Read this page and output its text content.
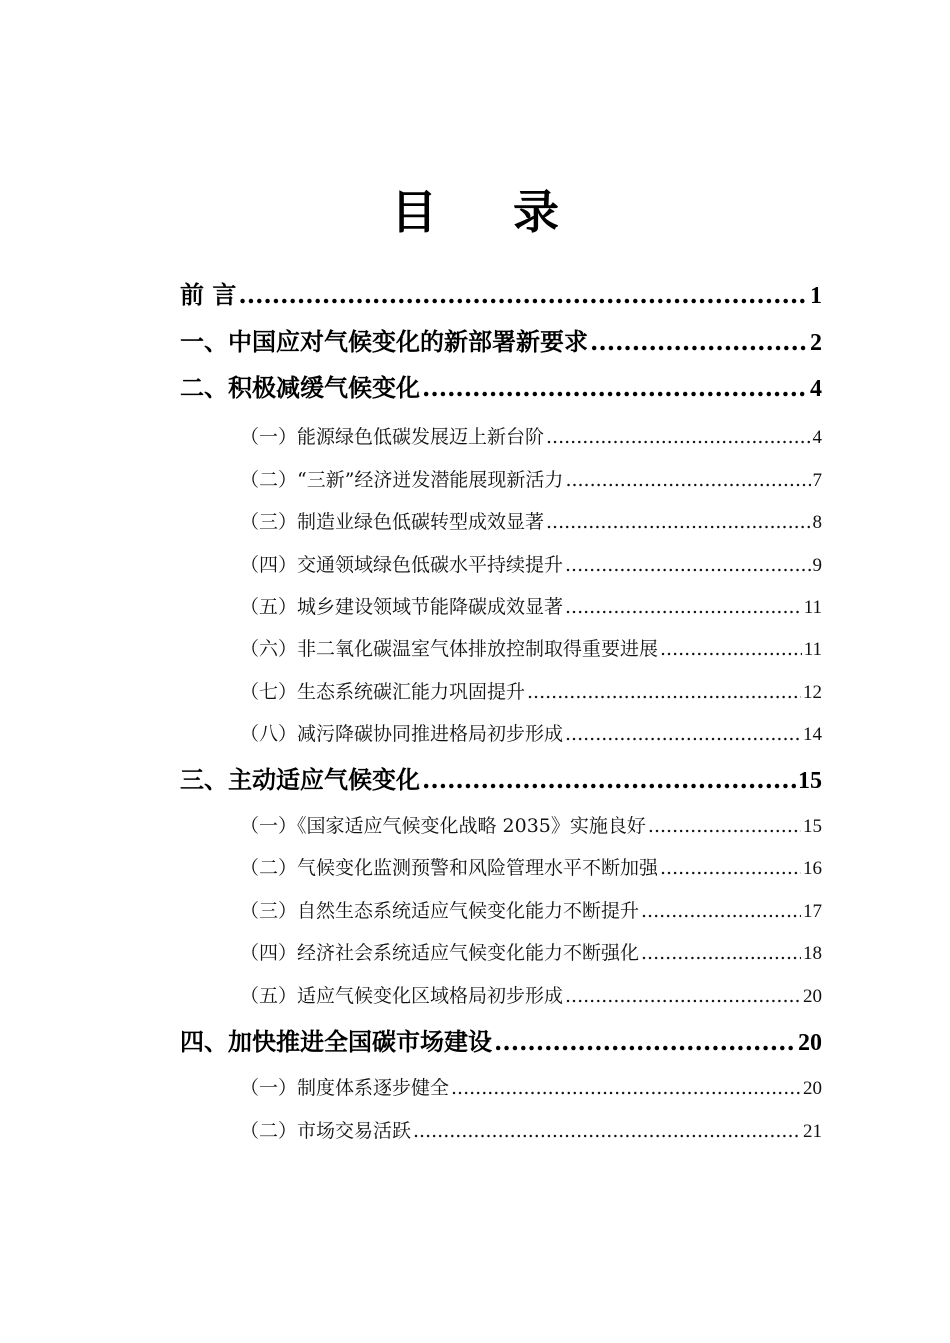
目 录
前 言 .....	1
一、中国应对气候变化的新部署新要求 .....	2
二、积极减缓气候变化 .....	4
（一）能源绿色低碳发展迈上新台阶 .....	4
（二）“三新”经济迸发潜能展现新活力 .....	7
（三）制造业绿色低碳转型成效显著 .....	8
（四）交通领域绿色低碳水平持续提升 .....	9
（五）城乡建设领域节能降碳成效显著 .....	11
（六）非二氧化碳温室气体排放控制取得重要进展 .....	11
（七）生态系统碳汇能力巩固提升 .....	12
（八）减污降碳协同推进格局初步形成 .....	14
三、主动适应气候变化 .....	15
（一）《国家适应气候变化战略 2035》实施良好 .....	15
（二）气候变化监测预警和风险管理水平不断加强 .....	16
（三）自然生态系统适应气候变化能力不断提升 .....	17
（四）经济社会系统适应气候变化能力不断强化 .....	18
（五）适应气候变化区域格局初步形成 .....	20
四、加快推进全国碳市场建设 .....	20
（一）制度体系逐步健全 .....	20
（二）市场交易活跃 .....	21
